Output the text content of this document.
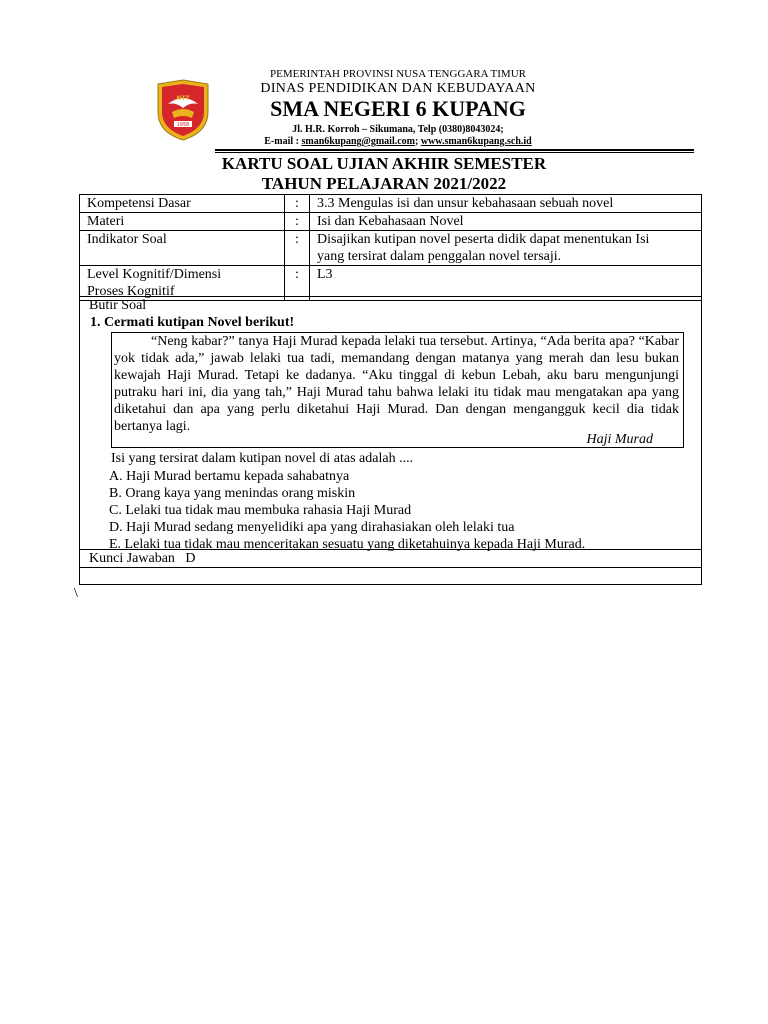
1958
NTT
PEMERINTAH PROVINSI NUSA TENGGARA TIMUR
DINAS PENDIDIKAN DAN KEBUDAYAAN
SMA NEGERI 6 KUPANG
Jl. H.R. Korroh – Sikumana, Telp (0380)8043024;
E-mail : sman6kupang@gmail.com; www.sman6kupang.sch.id
KARTU SOAL UJIAN AKHIR SEMESTER
TAHUN PELAJARAN 2021/2022
Kompetensi Dasar	:	3.3 Mengulas isi dan unsur kebahasaan sebuah novel
Materi	:	Isi dan Kebahasaan Novel
Indikator Soal	:	Disajikan kutipan novel peserta didik dapat menentukan Isi
yang tersirat dalam penggalan novel tersaji.

Level Kognitif/Dimensi
Proses Kognitif	:	L3
Butir Soal
1. Cermati kutipan Novel berikut!

“Neng kabar?” tanya Haji Murad kepada lelaki tua tersebut. Artinya, “Ada berita apa? “Kabar yok tidak ada,” jawab lelaki tua tadi, memandang dengan matanya yang merah dan lesu bukan kewajah Haji Murad. Tetapi ke dadanya. “Aku tinggal di kebun Lebah, aku baru mengunjungi putraku hari ini, dia yang tah,” Haji Murad tahu bahwa lelaki itu tidak mau mengatakan apa yang diketahui dan apa yang perlu diketahui Haji Murad. Dan dengan mengangguk kecil dia tidak bertanya lagi.

Haji Murad
Isi yang tersirat dalam kutipan novel di atas adalah ....
A. Haji Murad bertamu kepada sahabatnya
B. Orang kaya yang menindas orang miskin
C. Lelaki tua tidak mau membuka rahasia Haji Murad
D. Haji Murad sedang menyelidiki apa yang dirahasiakan oleh lelaki tua
E. Lelaki tua tidak mau menceritakan sesuatu yang diketahuinya kepada Haji Murad.
Kunci Jawaban   D
\
